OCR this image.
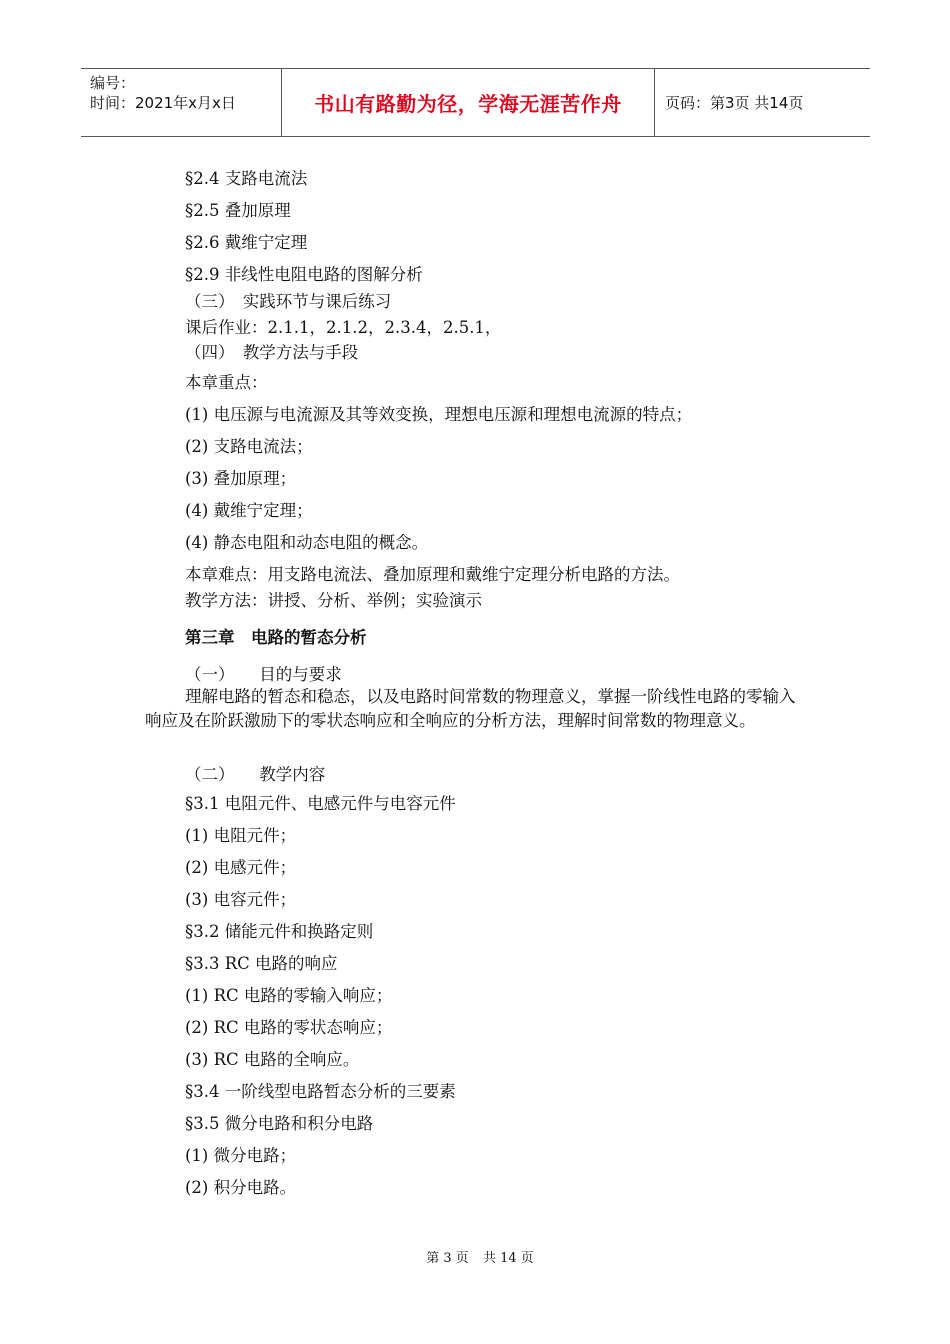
编号：
时间：2021年x月x日	书山有路勤为径，学海无涯苦作舟	页码：第3页 共14页
§2.4 支路电流法
§2.5 叠加原理
§2.6 戴维宁定理
§2.9 非线性电阻电路的图解分析
（三）　实践环节与课后练习
课后作业：2.1.1，2.1.2，2.3.4，2.5.1，
（四）　教学方法与手段
本章重点：
(1) 电压源与电流源及其等效变换，理想电压源和理想电流源的特点；
(2) 支路电流法；
(3) 叠加原理；
(4) 戴维宁定理；
(4) 静态电阻和动态电阻的概念。
本章难点：用支路电流法、叠加原理和戴维宁定理分析电路的方法。
教学方法：讲授、分析、举例；实验演示
第三章　电路的暂态分析
（一）　　目的与要求
理解电路的暂态和稳态，以及电路时间常数的物理意义，掌握一阶线性电路的零输入响应及在阶跃激励下的零状态响应和全响应的分析方法，理解时间常数的物理意义。
（二）　　教学内容
§3.1 电阻元件、电感元件与电容元件
(1) 电阻元件；
(2) 电感元件；
(3) 电容元件；
§3.2 储能元件和换路定则
§3.3 RC 电路的响应
(1) RC 电路的零输入响应；
(2) RC 电路的零状态响应；
(3) RC 电路的全响应。
§3.4 一阶线型电路暂态分析的三要素
§3.5 微分电路和积分电路
(1) 微分电路；
(2) 积分电路。
第 3 页 共 14 页
